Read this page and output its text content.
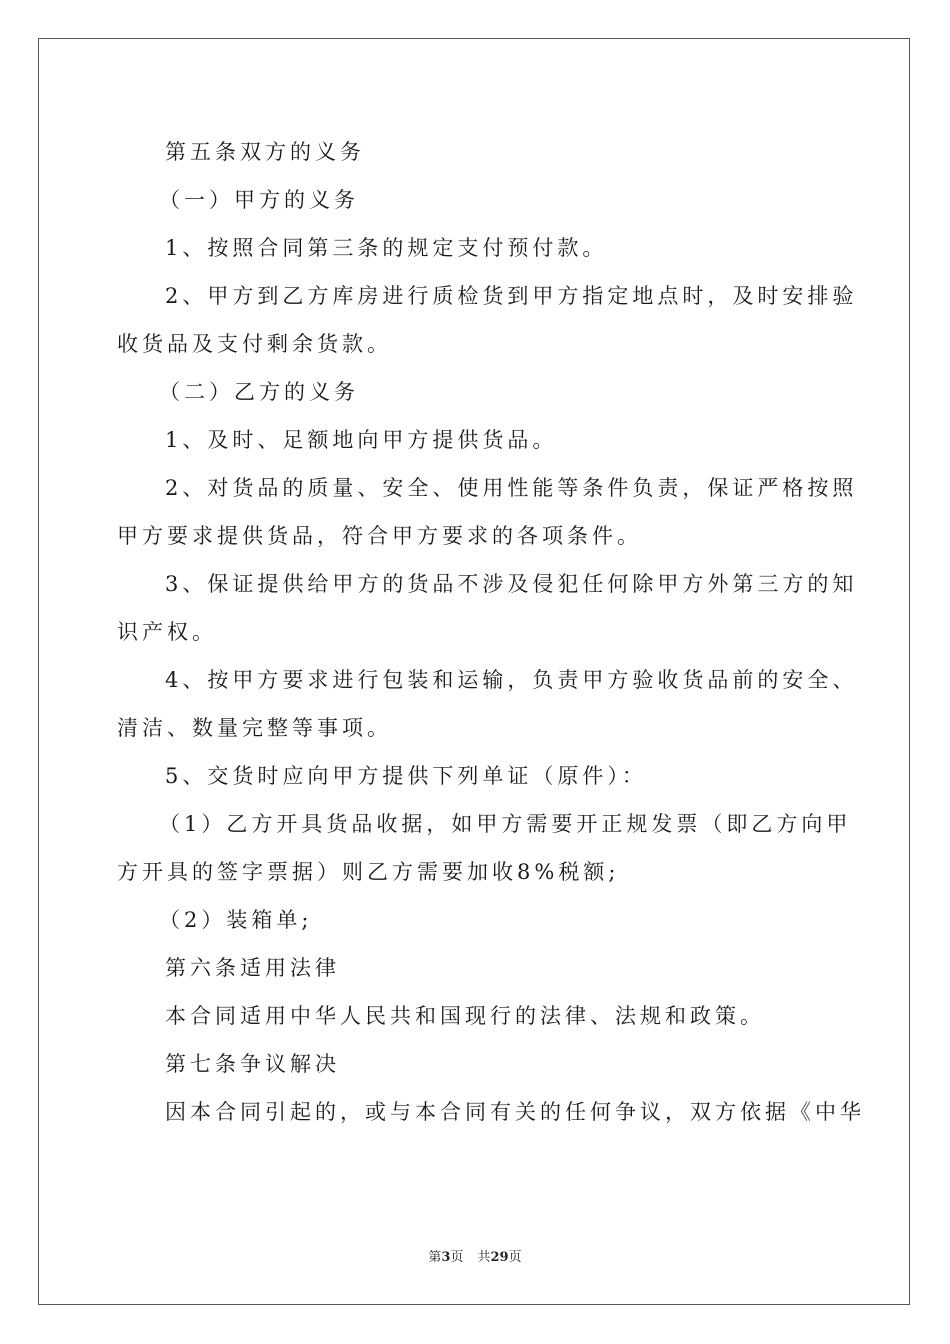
第五条双方的义务

（一）甲方的义务

1、按照合同第三条的规定支付预付款。

2、甲方到乙方库房进行质检货到甲方指定地点时，及时安排验

收货品及支付剩余货款。

（二）乙方的义务

1、及时、足额地向甲方提供货品。

2、对货品的质量、安全、使用性能等条件负责，保证严格按照

甲方要求提供货品，符合甲方要求的各项条件。

3、保证提供给甲方的货品不涉及侵犯任何除甲方外第三方的知

识产权。

4、按甲方要求进行包装和运输，负责甲方验收货品前的安全、

清洁、数量完整等事项。

5、交货时应向甲方提供下列单证（原件）：

（1）乙方开具货品收据，如甲方需要开正规发票（即乙方向甲

方开具的签字票据）则乙方需要加收8%税额;

（2）装箱单;

第六条适用法律

本合同适用中华人民共和国现行的法律、法规和政策。

第七条争议解决

因本合同引起的，或与本合同有关的任何争议，双方依据《中华

第3页 共29页
